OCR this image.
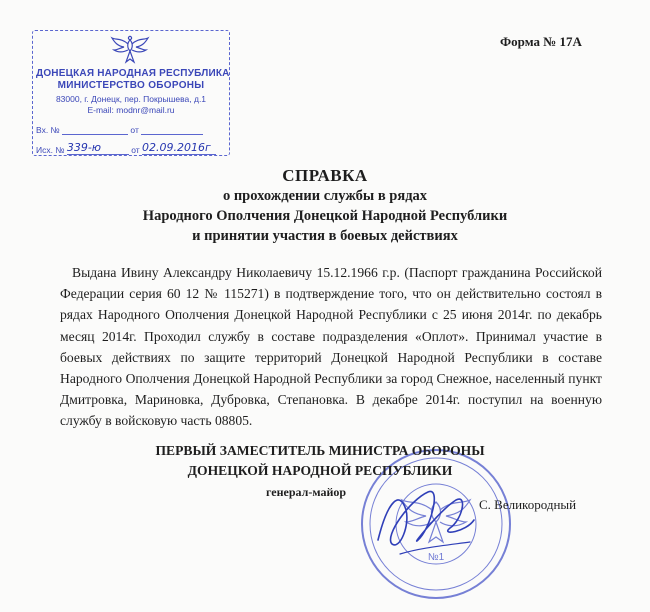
ДОНЕЦКАЯ НАРОДНАЯ РЕСПУБЛИКА
МИНИСТЕРСТВО ОБОРОНЫ
83000, г. Донецк, пер. Покрышева, д.1
E-mail: modnr@mail.ru
Вх. №	от
Исх. № 339-ю	от 02.09.2016г
Форма № 17А
СПРАВКА
о прохождении службы в рядах
Народного Ополчения Донецкой Народной Республики
и принятии участия в боевых действиях
Выдана Ивину Александру Николаевичу 15.12.1966 г.р. (Паспорт гражданина Российской Федерации серия 60 12 № 115271) в подтверждение того, что он действительно состоял в рядах Народного Ополчения Донецкой Народной Республики с 25 июня 2014г. по декабрь месяц 2014г. Проходил службу в составе подразделения «Оплот». Принимал участие в боевых действиях по защите территорий Донецкой Народной Республики в составе Народного Ополчения Донецкой Народной Республики за город Снежное, населенный пункт Дмитровка, Мариновка, Дубровка, Степановка. В декабре 2014г. поступил на военную службу в войсковую часть 08805.
№1
ПЕРВЫЙ ЗАМЕСТИТЕЛЬ МИНИСТРА ОБОРОНЫ
ДОНЕЦКОЙ НАРОДНОЙ РЕСПУБЛИКИ
генерал-майор
С. Великородный
